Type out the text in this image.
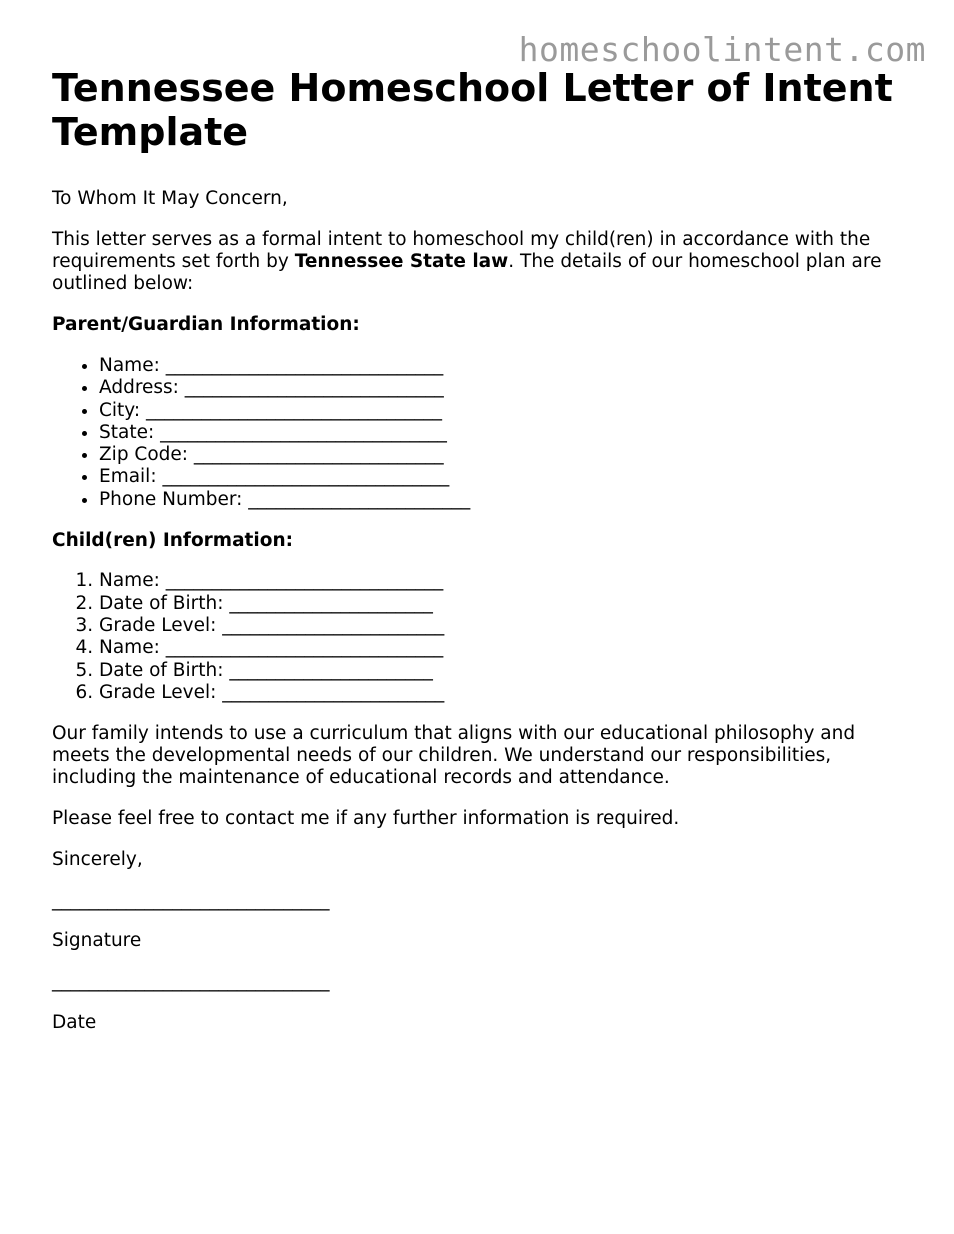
homeschoolintent.com
Tennessee Homeschool Letter of Intent Template

To Whom It May Concern,

This letter serves as a formal intent to homeschool my child(ren) in accordance with the requirements set forth by Tennessee State law. The details of our homeschool plan are outlined below:

Parent/Guardian Information:
• Name: ______________________________
• Address: ____________________________
• City: ________________________________
• State: _______________________________
• Zip Code: ___________________________
• Email: _______________________________
• Phone Number: ________________________
Child(ren) Information:
1. Name: ______________________________
2. Date of Birth: ______________________
3. Grade Level: ________________________
4. Name: ______________________________
5. Date of Birth: ______________________
6. Grade Level: ________________________

Our family intends to use a curriculum that aligns with our educational philosophy and meets the developmental needs of our children. We understand our responsibilities, including the maintenance of educational records and attendance.

Please feel free to contact me if any further information is required.

Sincerely,

______________________________

Signature

______________________________

Date
